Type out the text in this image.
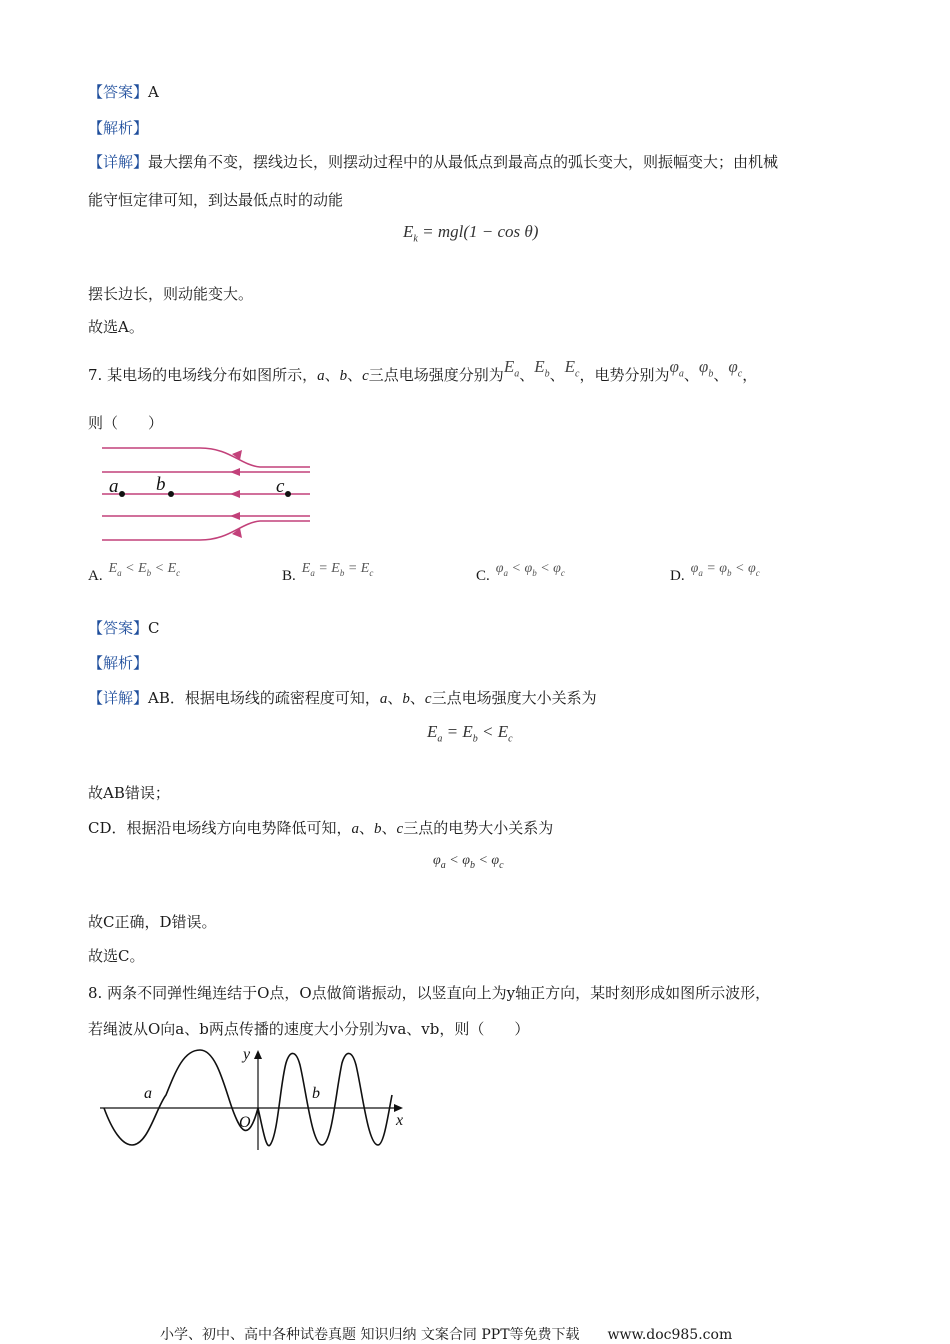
【答案】A
【解析】
【详解】最大摆角不变，摆线边长，则摆动过程中的从最低点到最高点的弧长变大，则振幅变大；由机械
能守恒定律可知，到达最低点时的动能
$E_k = mgl(1 - \cos \theta)$
摆长边长，则动能变大。
故选A。
7. 某电场的电场线分布如图所示，a、b、c三点电场强度分别为$E_a$、$E_b$、$E_c$，电势分别为$\varphi_a$、$\varphi_b$、$\varphi_c$，
则（　　）
a b	c
A. $E_a < E_b < E_c$	B. $E_a = E_b = E_c$	C. $\varphi_a < \varphi_b < \varphi_c$	D. $\varphi_a = \varphi_b < \varphi_c$
【答案】C
【解析】
【详解】AB．根据电场线的疏密程度可知，a、b、c三点电场强度大小关系为
$E_a = E_b < E_c$
故AB错误；
CD．根据沿电场线方向电势降低可知，a、b、c三点的电势大小关系为
$\varphi_a < \varphi_b < \varphi_c$
故C正确，D错误。
故选C。
8. 两条不同弹性绳连结于O点，O点做简谐振动，以竖直向上为y轴正方向，某时刻形成如图所示波形，
若绳波从O向a、b两点传播的速度大小分别为va、vb，则（　　）
y
x
O
a	b
小学、初中、高中各种试卷真题 知识归纳 文案合同 PPT等免费下载　　www.doc985.com
